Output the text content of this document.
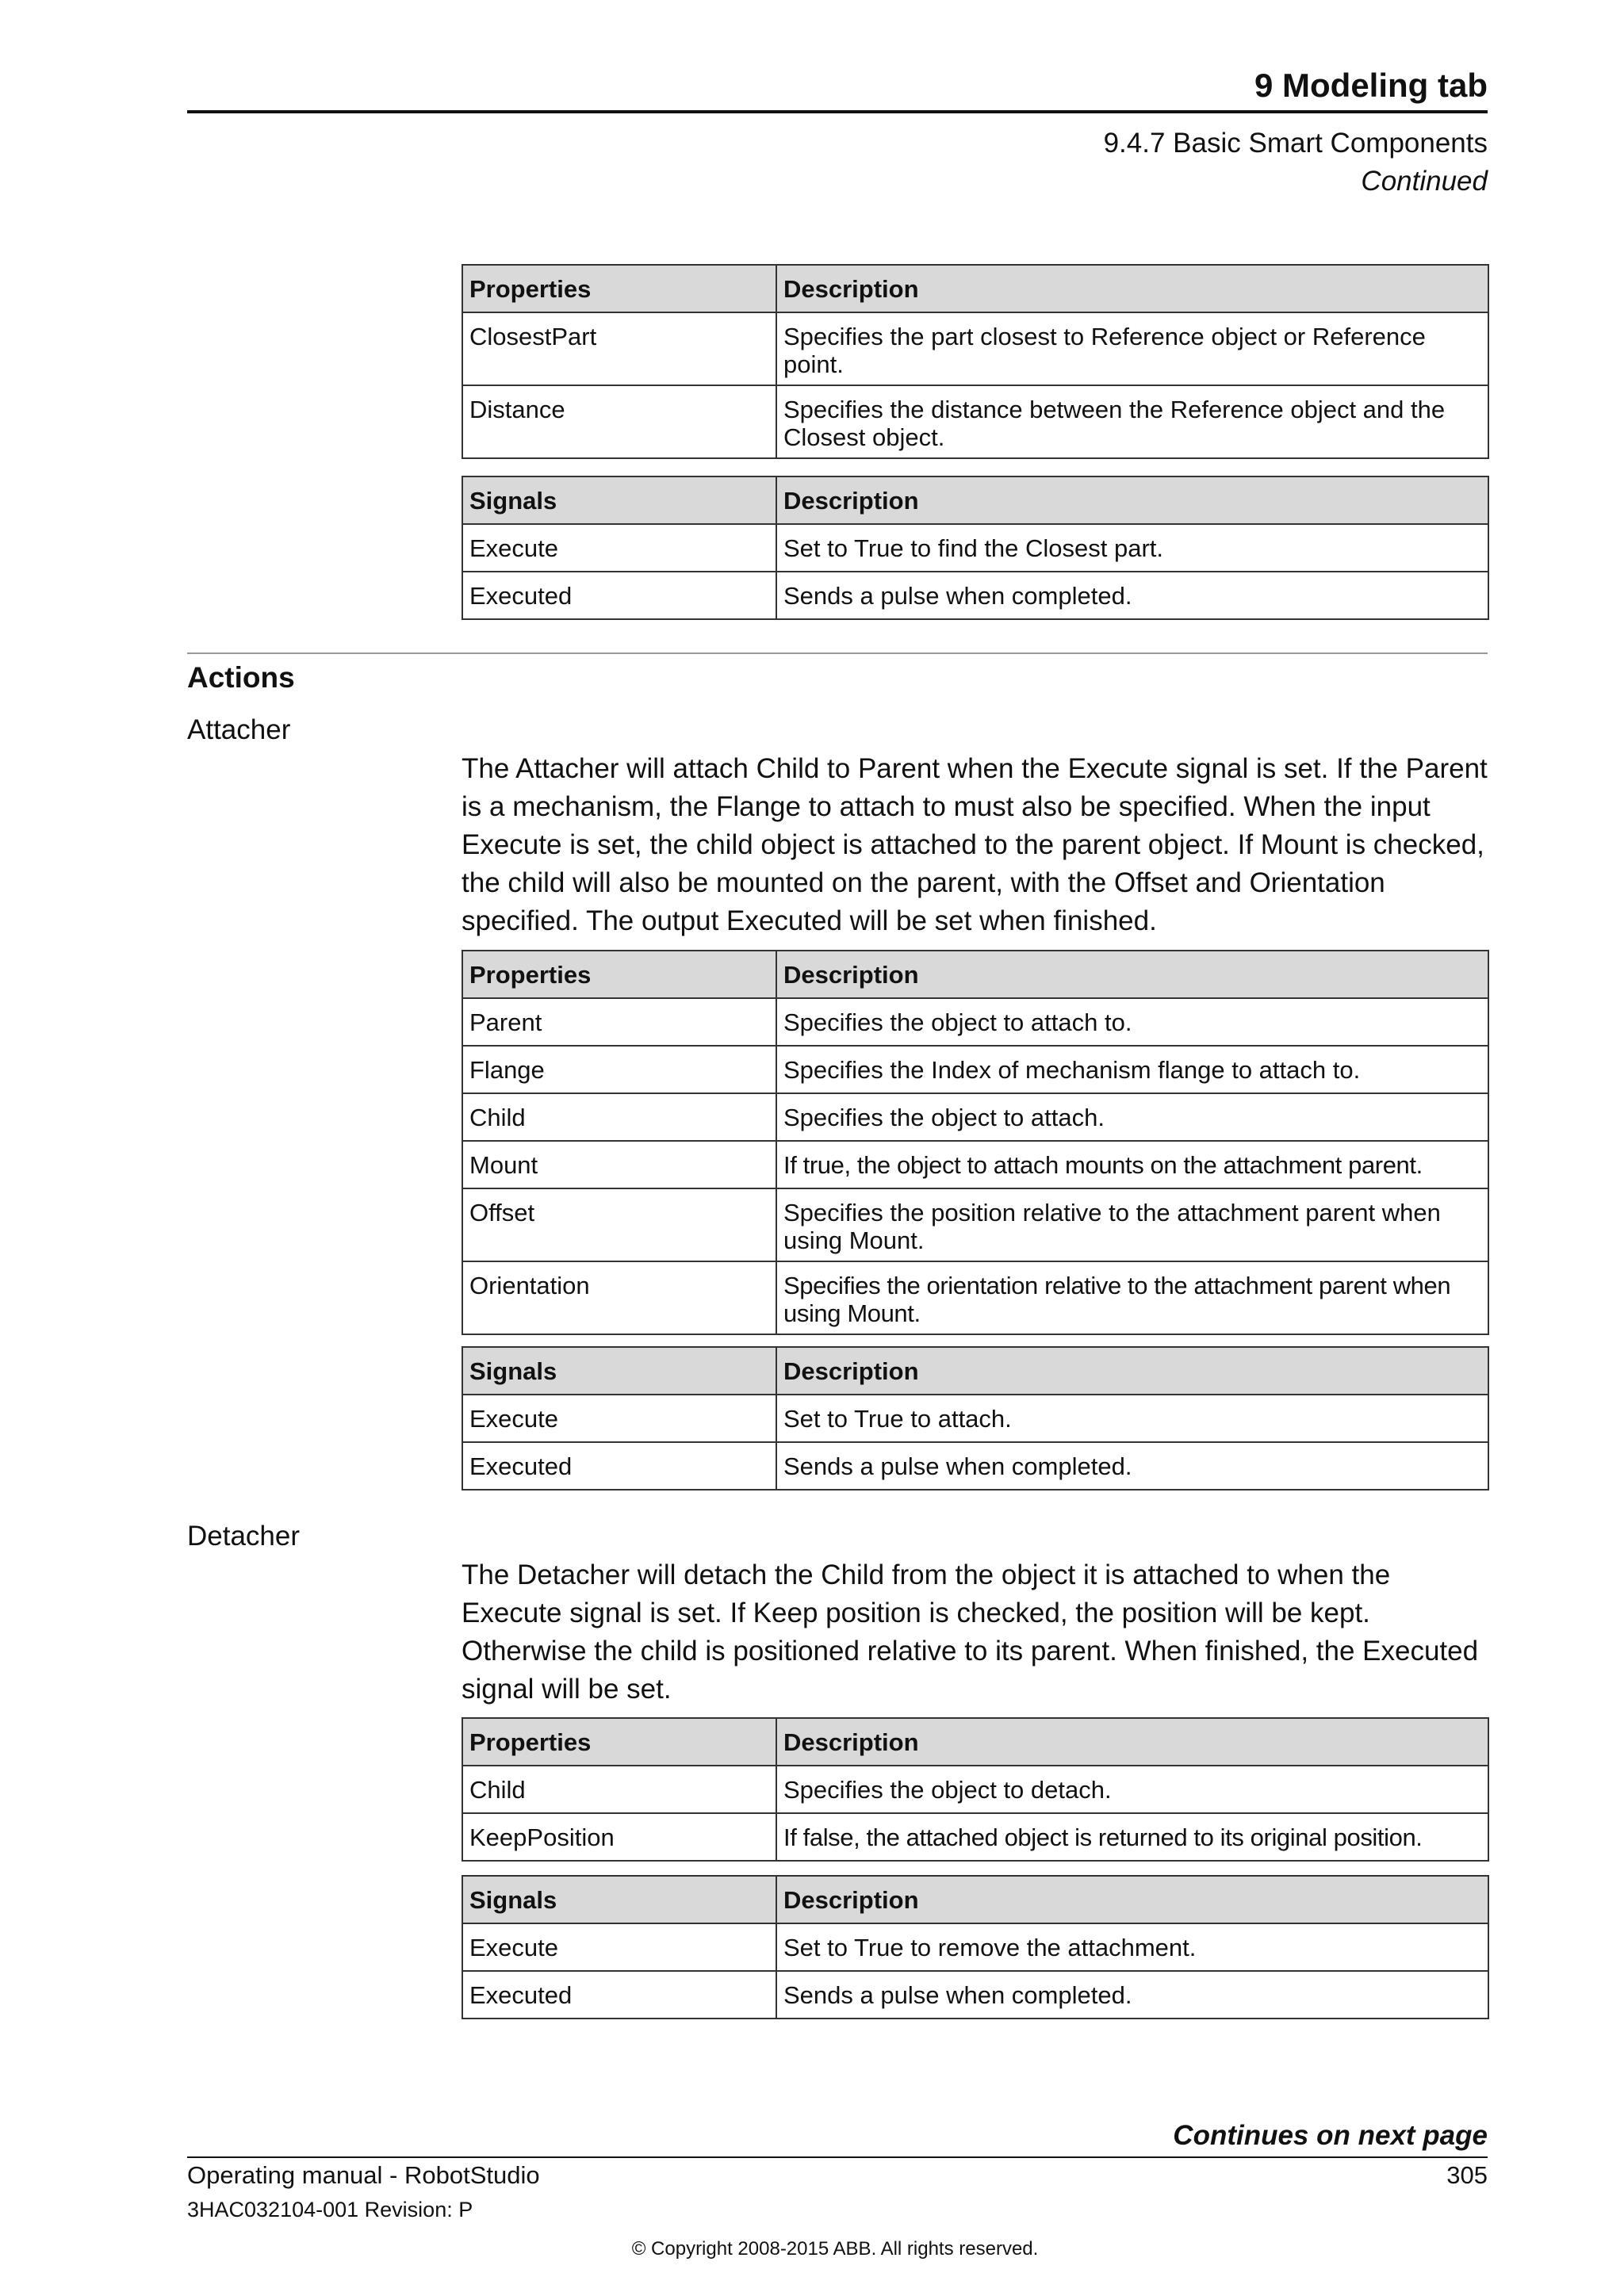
9 Modeling tab
9.4.7 Basic Smart Components
Continued
Properties	Description
ClosestPart	Specifies the part closest to Reference object or Reference point.
Distance	Specifies the distance between the Reference object and the Closest object.
Signals	Description
Execute	Set to True to find the Closest part.
Executed	Sends a pulse when completed.
Actions
Attacher
The Attacher will attach Child to Parent when the Execute signal is set. If the Parent is a mechanism, the Flange to attach to must also be specified. When the input Execute is set, the child object is attached to the parent object. If Mount is checked, the child will also be mounted on the parent, with the Offset and Orientation specified. The output Executed will be set when finished.
Properties	Description
Parent	Specifies the object to attach to.
Flange	Specifies the Index of mechanism flange to attach to.
Child	Specifies the object to attach.
Mount	If true, the object to attach mounts on the attachment parent.
Offset	Specifies the position relative to the attachment parent when using Mount.
Orientation	Specifies the orientation relative to the attachment parent when using Mount.
Signals	Description
Execute	Set to True to attach.
Executed	Sends a pulse when completed.
Detacher
The Detacher will detach the Child from the object it is attached to when the Execute signal is set. If Keep position is checked, the position will be kept. Otherwise the child is positioned relative to its parent. When finished, the Executed signal will be set.
Properties	Description
Child	Specifies the object to detach.
KeepPosition	If false, the attached object is returned to its original position.
Signals	Description
Execute	Set to True to remove the attachment.
Executed	Sends a pulse when completed.
Continues on next page
Operating manual - RobotStudio	305
3HAC032104-001 Revision: P
© Copyright 2008-2015 ABB. All rights reserved.
